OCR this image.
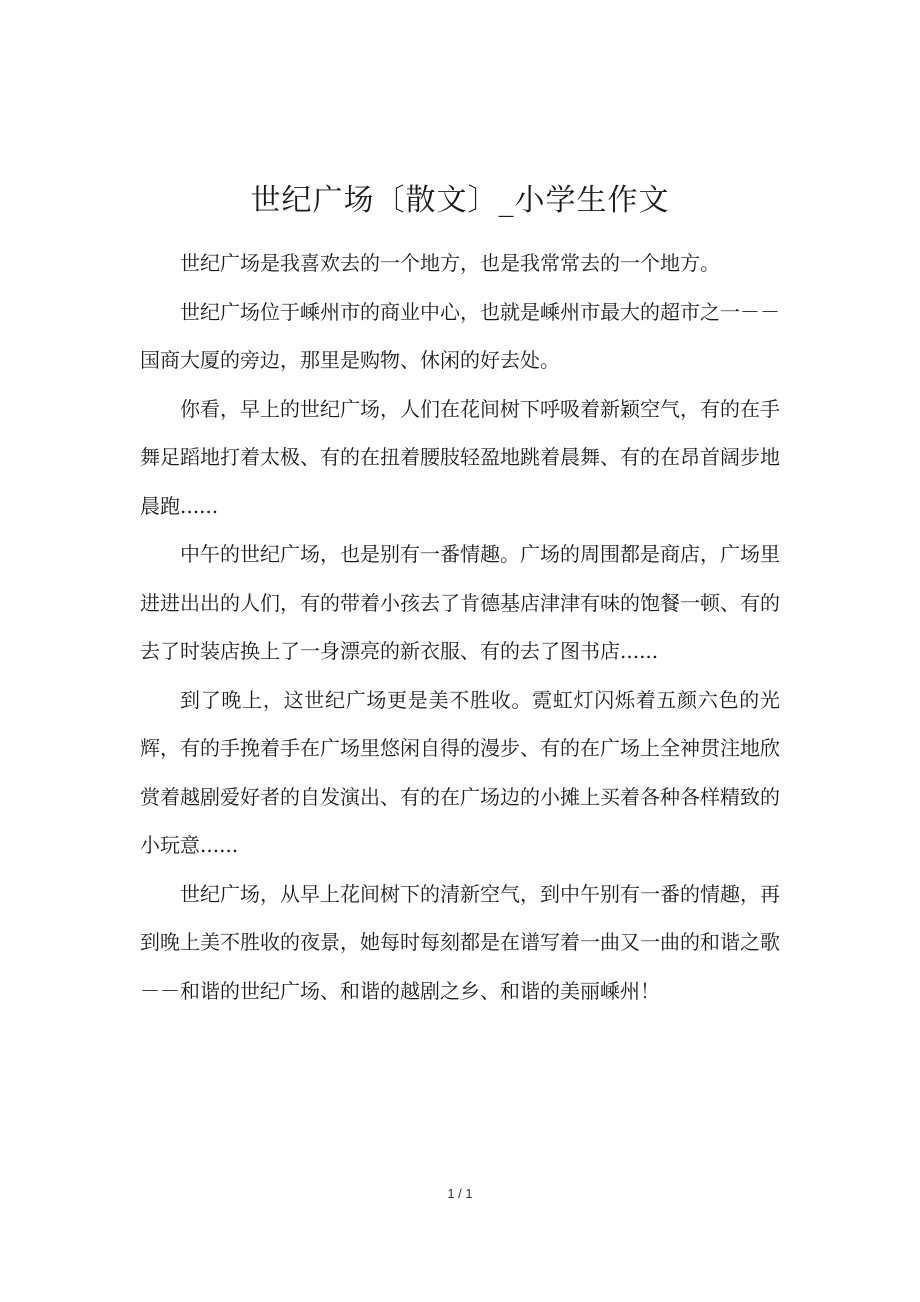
世纪广场〔散文〕_小学生作文

世纪广场是我喜欢去的一个地方，也是我常常去的一个地方。

世纪广场位于嵊州市的商业中心，也就是嵊州市最大的超市之一－－国商大厦的旁边，那里是购物、休闲的好去处。

你看，早上的世纪广场，人们在花间树下呼吸着新颖空气，有的在手舞足蹈地打着太极、有的在扭着腰肢轻盈地跳着晨舞、有的在昂首阔步地晨跑......

中午的世纪广场，也是别有一番情趣。广场的周围都是商店，广场里进进出出的人们，有的带着小孩去了肯德基店津津有味的饱餐一顿、有的去了时装店换上了一身漂亮的新衣服、有的去了图书店......

到了晚上，这世纪广场更是美不胜收。霓虹灯闪烁着五颜六色的光辉，有的手挽着手在广场里悠闲自得的漫步、有的在广场上全神贯注地欣赏着越剧爱好者的自发演出、有的在广场边的小摊上买着各种各样精致的小玩意......

世纪广场，从早上花间树下的清新空气，到中午别有一番的情趣，再到晚上美不胜收的夜景，她每时每刻都是在谱写着一曲又一曲的和谐之歌－－和谐的世纪广场、和谐的越剧之乡、和谐的美丽嵊州！

1 / 1
